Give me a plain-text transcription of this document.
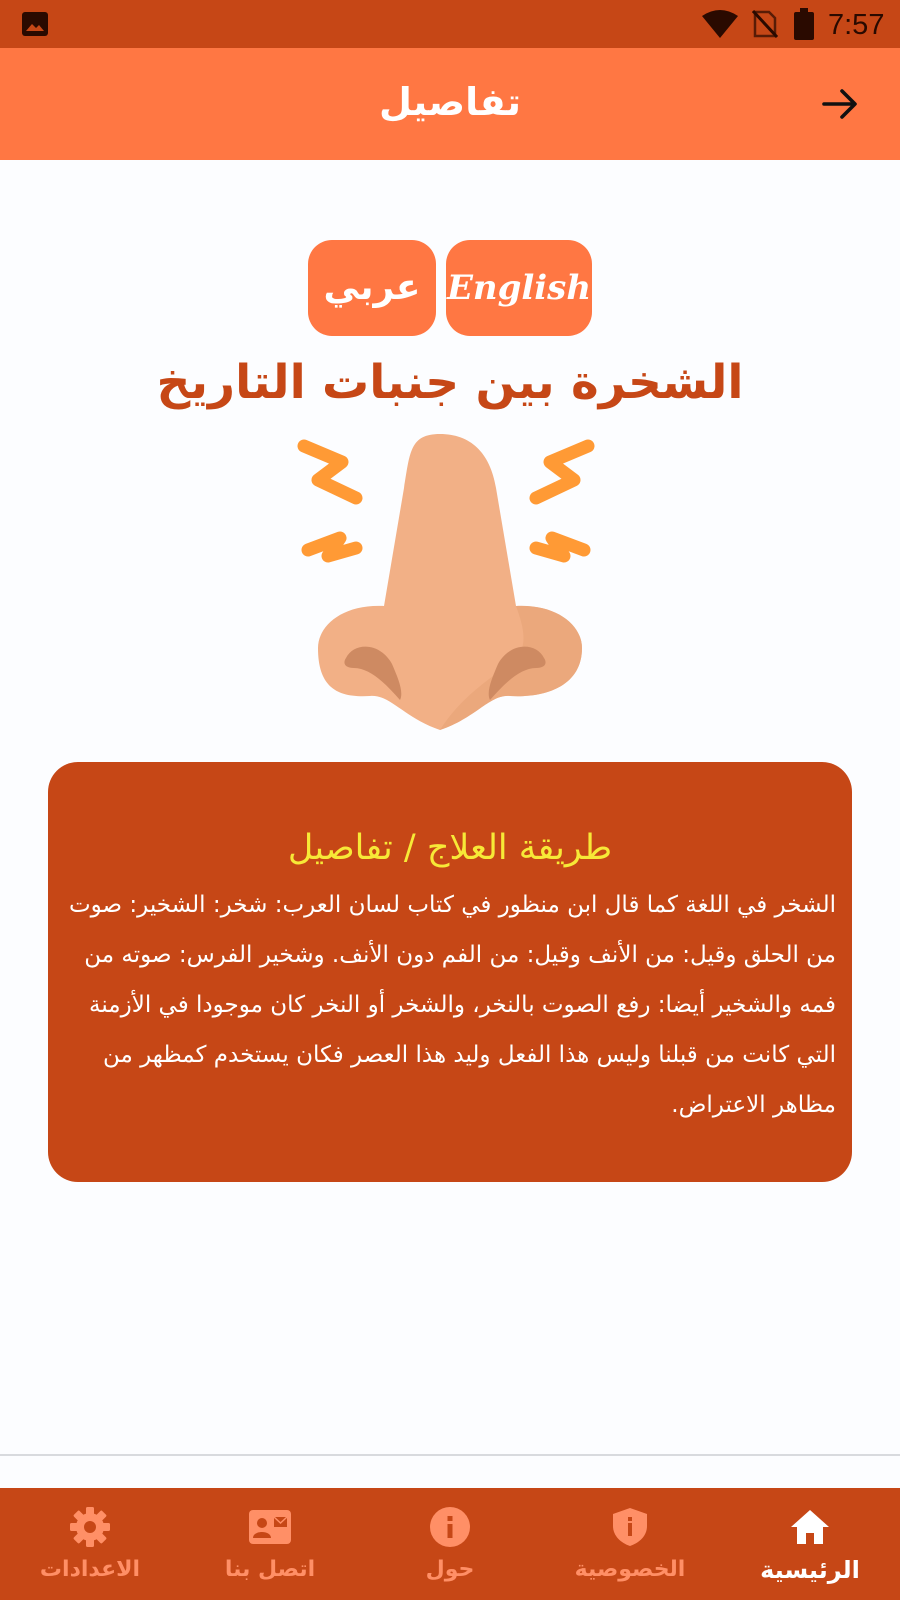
7:57
تفاصيل
عربي English
الشخرة بين جنبات التاريخ
طريقة العلاج / تفاصيل
الشخر في اللغة كما قال ابن منظور في كتاب لسان العرب: شخر: الشخير: صوت من الحلق وقيل: من الأنف وقيل: من الفم دون الأنف. وشخير الفرس: صوته من فمه والشخير أيضا: رفع الصوت بالنخر، والشخر أو النخر كان موجودا في الأزمنة التي كانت من قبلنا وليس هذا الفعل وليد هذا العصر فكان يستخدم كمظهر من مظاهر الاعتراض.
الرئيسية
الخصوصية
حول
اتصل بنا
الاعدادات
